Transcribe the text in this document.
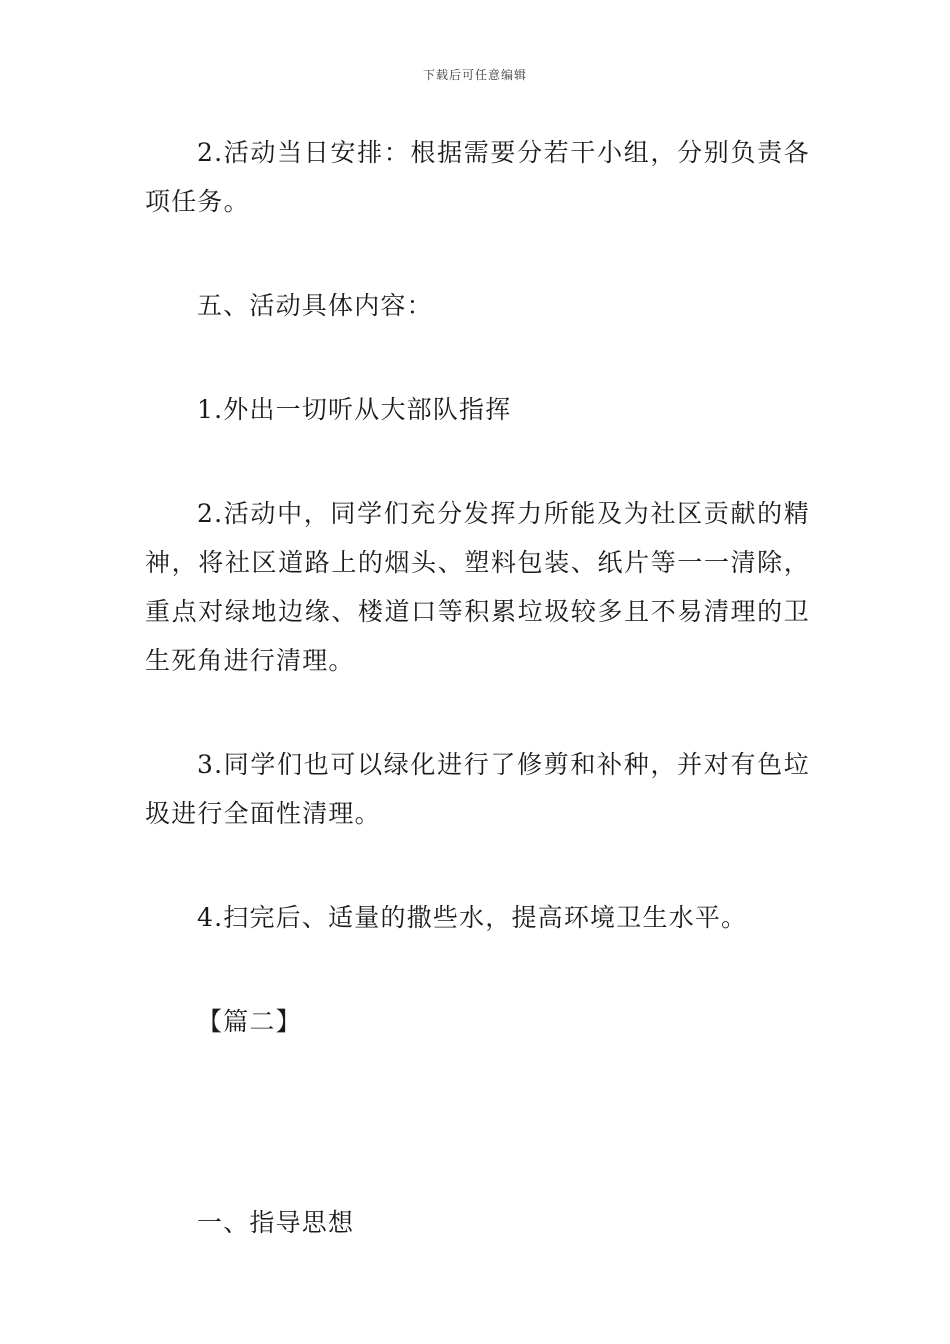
下载后可任意编辑

2.活动当日安排：根据需要分若干小组，分别负责各项任务。

五、活动具体内容：

1.外出一切听从大部队指挥

2.活动中，同学们充分发挥力所能及为社区贡献的精神，将社区道路上的烟头、塑料包装、纸片等一一清除，重点对绿地边缘、楼道口等积累垃圾较多且不易清理的卫生死角进行清理。

3.同学们也可以绿化进行了修剪和补种，并对有色垃圾进行全面性清理。

4.扫完后、适量的撒些水，提高环境卫生水平。

【篇二】

一、指导思想
